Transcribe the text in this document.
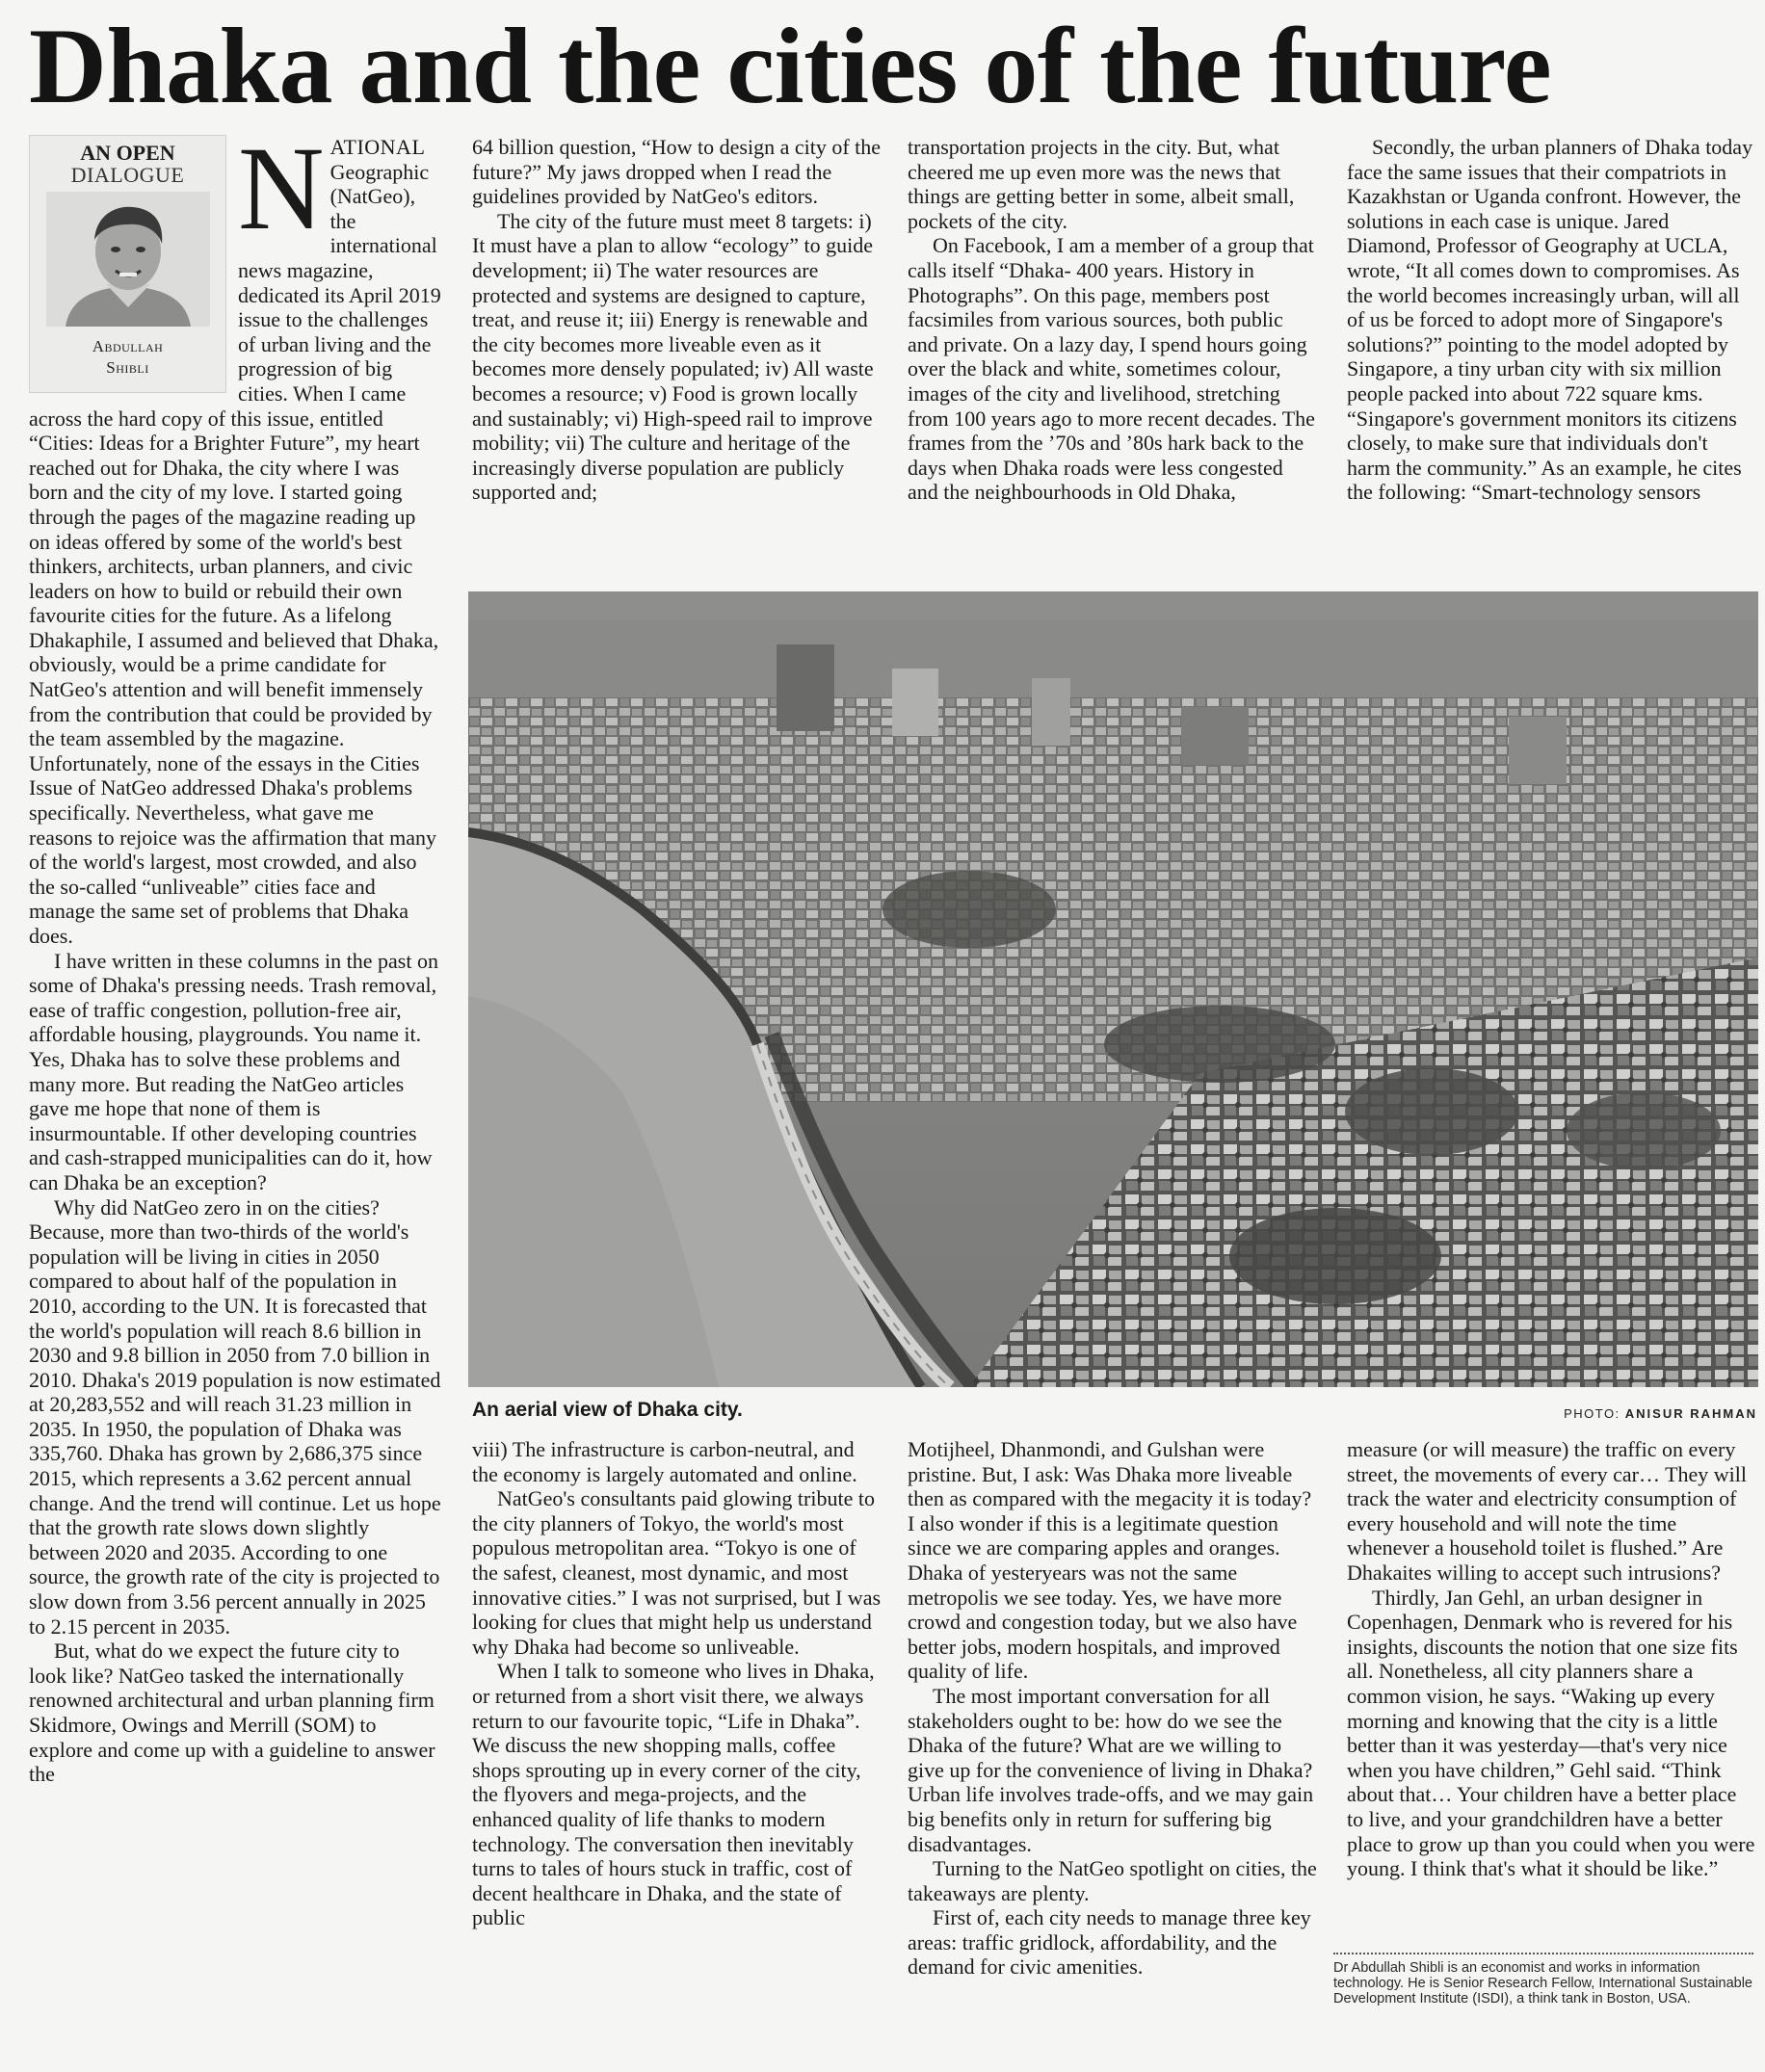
Dhaka and the cities of the future
AN OPEN
DIALOGUE
Abdullah
Shibli
N ATIONAL Geographic (NatGeo), the international news magazine, dedicated its April 2019 issue to the challenges of urban living and the progression of big cities. When I came across the hard copy of this issue, entitled “Cities: Ideas for a Brighter Future”, my heart reached out for Dhaka, the city where I was born and the city of my love. I started going through the pages of the magazine reading up on ideas offered by some of the world's best thinkers, architects, urban planners, and civic leaders on how to build or rebuild their own favourite cities for the future. As a lifelong Dhakaphile, I assumed and believed that Dhaka, obviously, would be a prime candidate for NatGeo's attention and will benefit immensely from the contribution that could be provided by the team assembled by the magazine. Unfortunately, none of the essays in the Cities Issue of NatGeo addressed Dhaka's problems specifically. Nevertheless, what gave me reasons to rejoice was the affirmation that many of the world's largest, most crowded, and also the so-called “unliveable” cities face and manage the same set of problems that Dhaka does.

I have written in these columns in the past on some of Dhaka's pressing needs. Trash removal, ease of traffic congestion, pollution-free air, affordable housing, playgrounds. You name it. Yes, Dhaka has to solve these problems and many more. But reading the NatGeo articles gave me hope that none of them is insurmountable. If other developing countries and cash-strapped municipalities can do it, how can Dhaka be an exception?

Why did NatGeo zero in on the cities? Because, more than two-thirds of the world's population will be living in cities in 2050 compared to about half of the population in 2010, according to the UN. It is forecasted that the world's population will reach 8.6 billion in 2030 and 9.8 billion in 2050 from 7.0 billion in 2010. Dhaka's 2019 population is now estimated at 20,283,552 and will reach 31.23 million in 2035. In 1950, the population of Dhaka was 335,760. Dhaka has grown by 2,686,375 since 2015, which represents a 3.62 percent annual change. And the trend will continue. Let us hope that the growth rate slows down slightly between 2020 and 2035. According to one source, the growth rate of the city is projected to slow down from 3.56 percent annually in 2025 to 2.15 percent in 2035.

But, what do we expect the future city to look like? NatGeo tasked the internationally renowned architectural and urban planning firm Skidmore, Owings and Merrill (SOM) to explore and come up with a guideline to answer the

64 billion question, “How to design a city of the future?” My jaws dropped when I read the guidelines provided by NatGeo's editors.

The city of the future must meet 8 targets: i) It must have a plan to allow “ecology” to guide development; ii) The water resources are protected and systems are designed to capture, treat, and reuse it; iii) Energy is renewable and the city becomes more liveable even as it becomes more densely populated; iv) All waste becomes a resource; v) Food is grown locally and sustainably; vi) High-speed rail to improve mobility; vii) The culture and heritage of the increasingly diverse population are publicly supported and;

transportation projects in the city. But, what cheered me up even more was the news that things are getting better in some, albeit small, pockets of the city.

On Facebook, I am a member of a group that calls itself “Dhaka- 400 years. History in Photographs”. On this page, members post facsimiles from various sources, both public and private. On a lazy day, I spend hours going over the black and white, sometimes colour, images of the city and livelihood, stretching from 100 years ago to more recent decades. The frames from the ’70s and ’80s hark back to the days when Dhaka roads were less congested and the neighbourhoods in Old Dhaka,

Secondly, the urban planners of Dhaka today face the same issues that their compatriots in Kazakhstan or Uganda confront. However, the solutions in each case is unique. Jared Diamond, Professor of Geography at UCLA, wrote, “It all comes down to compromises. As the world becomes increasingly urban, will all of us be forced to adopt more of Singapore's solutions?” pointing to the model adopted by Singapore, a tiny urban city with six million people packed into about 722 square kms. “Singapore's government monitors its citizens closely, to make sure that individuals don't harm the community.” As an example, he cites the following: “Smart-technology sensors

An aerial view of Dhaka city.	PHOTO: ANISUR RAHMAN

viii) The infrastructure is carbon-neutral, and the economy is largely automated and online.

NatGeo's consultants paid glowing tribute to the city planners of Tokyo, the world's most populous metropolitan area. “Tokyo is one of the safest, cleanest, most dynamic, and most innovative cities.” I was not surprised, but I was looking for clues that might help us understand why Dhaka had become so unliveable.

When I talk to someone who lives in Dhaka, or returned from a short visit there, we always return to our favourite topic, “Life in Dhaka”. We discuss the new shopping malls, coffee shops sprouting up in every corner of the city, the flyovers and mega-projects, and the enhanced quality of life thanks to modern technology. The conversation then inevitably turns to tales of hours stuck in traffic, cost of decent healthcare in Dhaka, and the state of public

Motijheel, Dhanmondi, and Gulshan were pristine. But, I ask: Was Dhaka more liveable then as compared with the megacity it is today? I also wonder if this is a legitimate question since we are comparing apples and oranges. Dhaka of yesteryears was not the same metropolis we see today. Yes, we have more crowd and congestion today, but we also have better jobs, modern hospitals, and improved quality of life.

The most important conversation for all stakeholders ought to be: how do we see the Dhaka of the future? What are we willing to give up for the convenience of living in Dhaka? Urban life involves trade-offs, and we may gain big benefits only in return for suffering big disadvantages.

Turning to the NatGeo spotlight on cities, the takeaways are plenty.

First of, each city needs to manage three key areas: traffic gridlock, affordability, and the demand for civic amenities.

measure (or will measure) the traffic on every street, the movements of every car… They will track the water and electricity consumption of every household and will note the time whenever a household toilet is flushed.” Are Dhakaites willing to accept such intrusions?

Thirdly, Jan Gehl, an urban designer in Copenhagen, Denmark who is revered for his insights, discounts the notion that one size fits all. Nonetheless, all city planners share a common vision, he says. “Waking up every morning and knowing that the city is a little better than it was yesterday—that's very nice when you have children,” Gehl said. “Think about that… Your children have a better place to live, and your grandchildren have a better place to grow up than you could when you were young. I think that's what it should be like.”

Dr Abdullah Shibli is an economist and works in information technology. He is Senior Research Fellow, International Sustainable Development Institute (ISDI), a think tank in Boston, USA.
